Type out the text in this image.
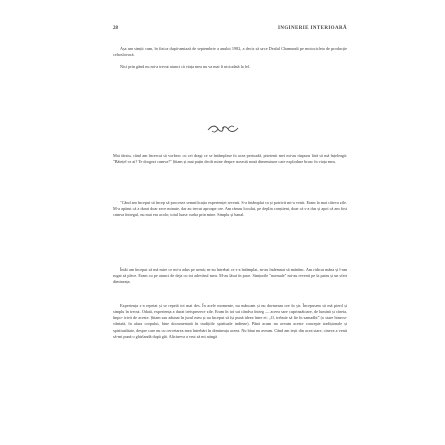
28	INGINERIE INTERIOARĂ

Așa am simțit cum, în fizica după-amiază de septembrie a anului 1982, a decis să urce Dealul Chamundi pe motocicleta de producție cehoslovacă.

Nici prin gând nu mi-a trecut atunci că viața mea nu va mai fi niciodată la fel.

Mai târziu, când am încercat să vorbesc cu cei dragi ce se întâmplase în acea perioadă, prietenii mei mi-au răspuns fără să mă înțeleagă: "Băiețel ce ai? Te drogezi cumva?" Știam și mai puțin decât mine despre această nouă dimensiune care explodase brusc în viața mea.

"Când am început să încep să procesez semnificația experienței revenit. S-a întâmplat ca și potrivit mi-a venit. Eram la mai câteva zile. M-a apărut că a durat doar zece minute, dar au trecut aproape ore. Am rămas locului, pe deplin conștient, doar că s-a dus și apoi că am fost cumva întregul, nu mai era acolo; totul luase curba prin mine. Simplu și banal.

Întâi am început să mă mire ce mi-a adus pe urmă; m-au întrebat ce s-a întâmplat, m-au îndemnat să mănânc. Am ridicat mâna și l-am rugat să plece. Eram cu pe atunci de deja cu tot adevărul meu. M-au lăsat în pace. Simțurile "normale" mi-au revenit pe la patru și un sfert dimineața.

Experiența s-a repetat și se repetă tot mai des. În acele momente, nu mâncam și nu dormeam ore în șir. Începusem să mă pierd și simplu în trecut. Odată, experiența a durat treisprezece zile. Eram în tot sat cândva întreg — aceea sare cuprinzătoare, de lumină și căreia, împo- trivă de aceste. Știam sau adunat în jurul meu și au început să își pună ideea între ei: „O, trebuie să fie în samadhi” (o stare binecu- vântată, în afara corpului, bine documentată în tradițiile spirituale indiene). Până acum nu aveam aceste concepte tradiționale și spiritualitate, despre care nu cu cercetarea mea întrebări în dimineața aceea. Nu băut nu aveam. Când am ieșit din acea stare, cineva a venit să-mi pună o ghirlandă după gât. Altcineva a vrut să mi atingă
